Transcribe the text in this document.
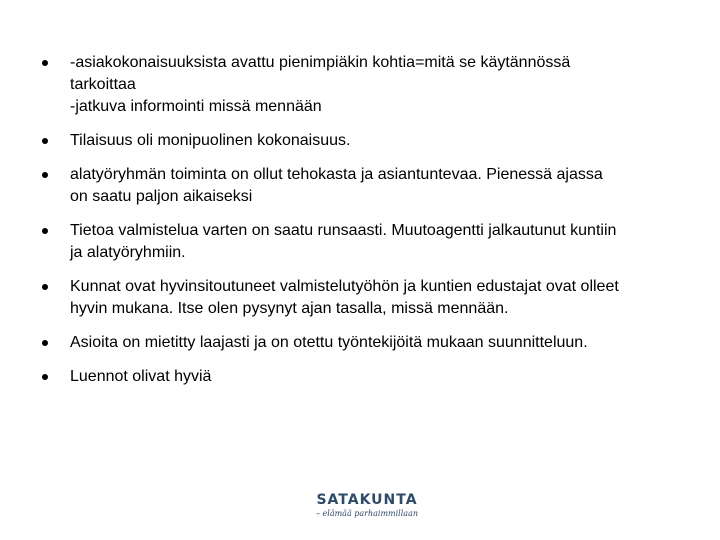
-asiakokonaisuuksista avattu pienimpiäkin kohtia=mitä se käytännössä
tarkoittaa
-jatkuva informointi missä mennään
Tilaisuus oli monipuolinen kokonaisuus.
alatyöryhmän toiminta on ollut tehokasta ja asiantuntevaa. Pienessä ajassa
on saatu paljon aikaiseksi
Tietoa valmistelua varten on saatu runsaasti. Muutoagentti jalkautunut kuntiin
ja alatyöryhmiin.
Kunnat ovat hyvinsitoutuneet valmistelutyöhön ja kuntien edustajat ovat olleet
hyvin mukana. Itse olen pysynyt ajan tasalla, missä mennään.
Asioita on mietitty laajasti ja on otettu työntekijöitä mukaan suunnitteluun.
Luennot olivat hyviä
SATAKUNTA
– elämää parhaimmillaan
